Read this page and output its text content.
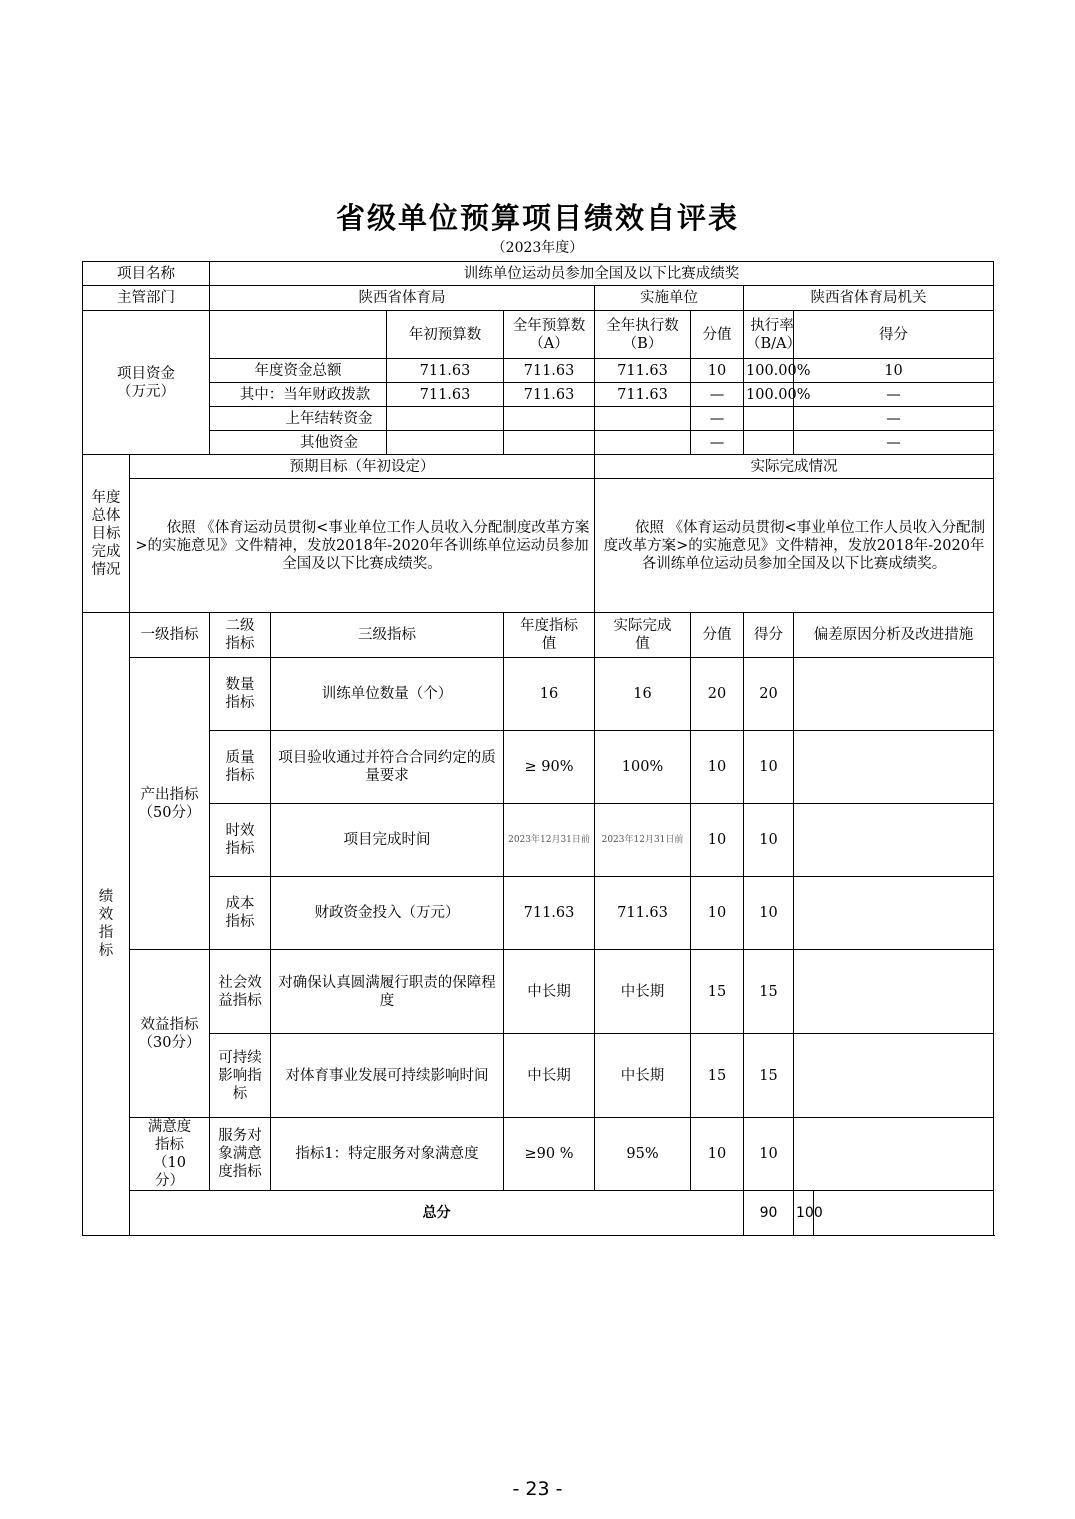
省级单位预算项目绩效自评表
（2023年度）
项目名称		训练单位运动员参加全国及以下比赛成绩奖								
主管部门		陕西省体育局				实施单位		陕西省体育局机关		
项目资金（万元）				年初预算数	全年预算数（A）	全年执行数（B）	分值	执行率（B/A）	得分	
		年度资金总额		711.63	711.63	711.63	10	100.00%	10	
		其中：当年财政拨款		711.63	711.63	711.63	—	100.00%	—	
		上年结转资金					—		—	
		其他资金					—		—	
年度总体目标完成情况	预期目标（年初设定）					实际完成情况				

	依照 《体育运动员贯彻<事业单位工作人员收入分配制度改革方案>的实施意见》文件精神，发放2018年-2020年各训练单位运动员参加全国及以下比赛成绩奖。					依照 《体育运动员贯彻<事业单位工作人员收入分配制度改革方案>的实施意见》文件精神，发放2018年-2020年各训练单位运动员参加全国及以下比赛成绩奖。				

绩效指标	一级指标	二级指标	三级指标		年度指标值	实际完成值	分值	得分	偏差原因分析及改进措施	
	产出指标（50分）	数量指标	训练单位数量（个）		16	16	20	20		
		质量指标	项目验收通过并符合合同约定的质量要求		≥ 90%	100%	10	10		
		时效指标	项目完成时间		2023年12月31日前	2023年12月31日前	10	10		
		成本指标	财政资金投入（万元）		711.63	711.63	10	10		
	效益指标（30分）	社会效益指标	对确保认真圆满履行职责的保障程度		中长期	中长期	15	15		
		可持续影响指标	对体育事业发展可持续影响时间		中长期	中长期	15	15		
	满意度指标（10分）	服务对象满意度指标	指标1：特定服务对象满意度		≥90 %	95%	10	10		
	总分							90	100	
- 23 -
